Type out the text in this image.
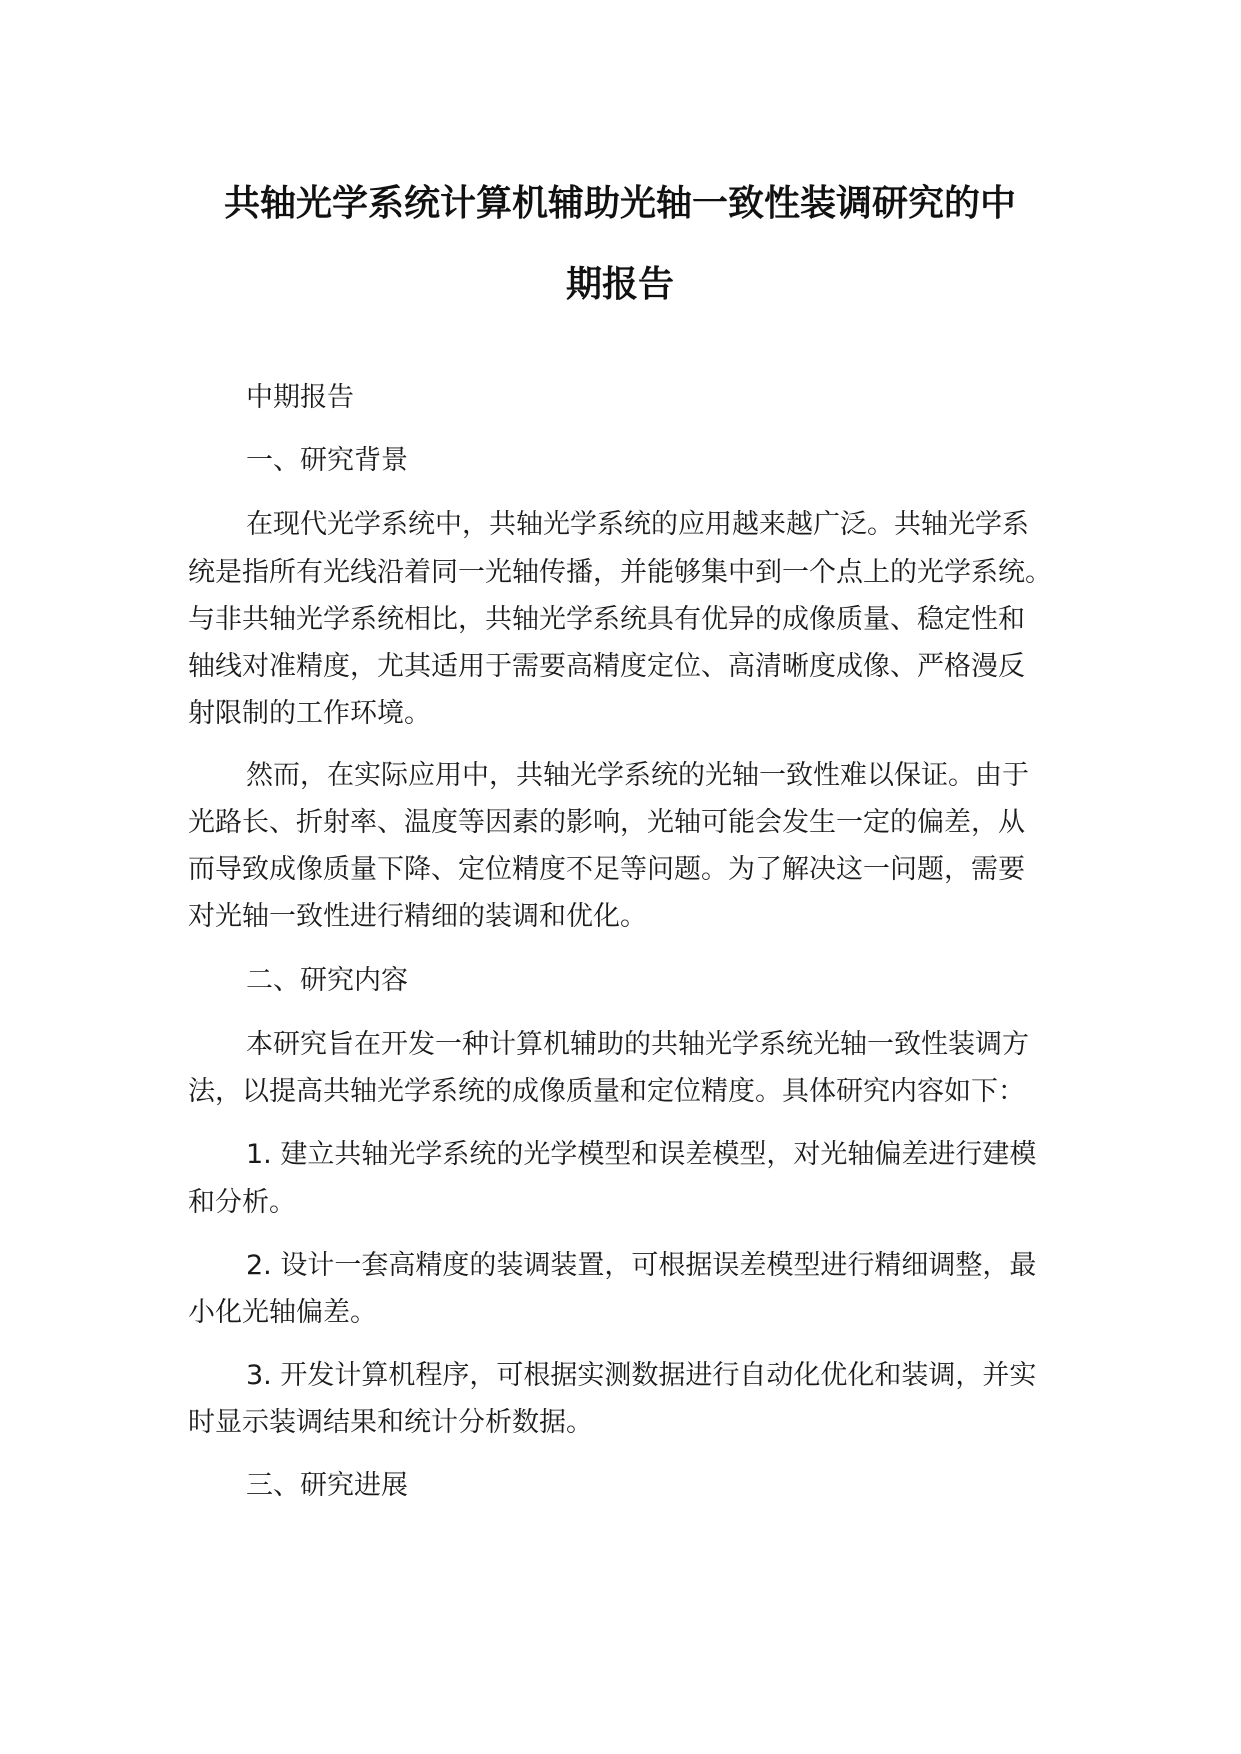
共轴光学系统计算机辅助光轴一致性装调研究的中
期报告
中期报告
一、研究背景
在现代光学系统中，共轴光学系统的应用越来越广泛。共轴光学系
统是指所有光线沿着同一光轴传播，并能够集中到一个点上的光学系统。
与非共轴光学系统相比，共轴光学系统具有优异的成像质量、稳定性和
轴线对准精度，尤其适用于需要高精度定位、高清晰度成像、严格漫反
射限制的工作环境。
然而，在实际应用中，共轴光学系统的光轴一致性难以保证。由于
光路长、折射率、温度等因素的影响，光轴可能会发生一定的偏差，从
而导致成像质量下降、定位精度不足等问题。为了解决这一问题，需要
对光轴一致性进行精细的装调和优化。
二、研究内容
本研究旨在开发一种计算机辅助的共轴光学系统光轴一致性装调方
法，以提高共轴光学系统的成像质量和定位精度。具体研究内容如下：
1. 建立共轴光学系统的光学模型和误差模型，对光轴偏差进行建模
和分析。
2. 设计一套高精度的装调装置，可根据误差模型进行精细调整，最
小化光轴偏差。
3. 开发计算机程序，可根据实测数据进行自动化优化和装调，并实
时显示装调结果和统计分析数据。
三、研究进展
